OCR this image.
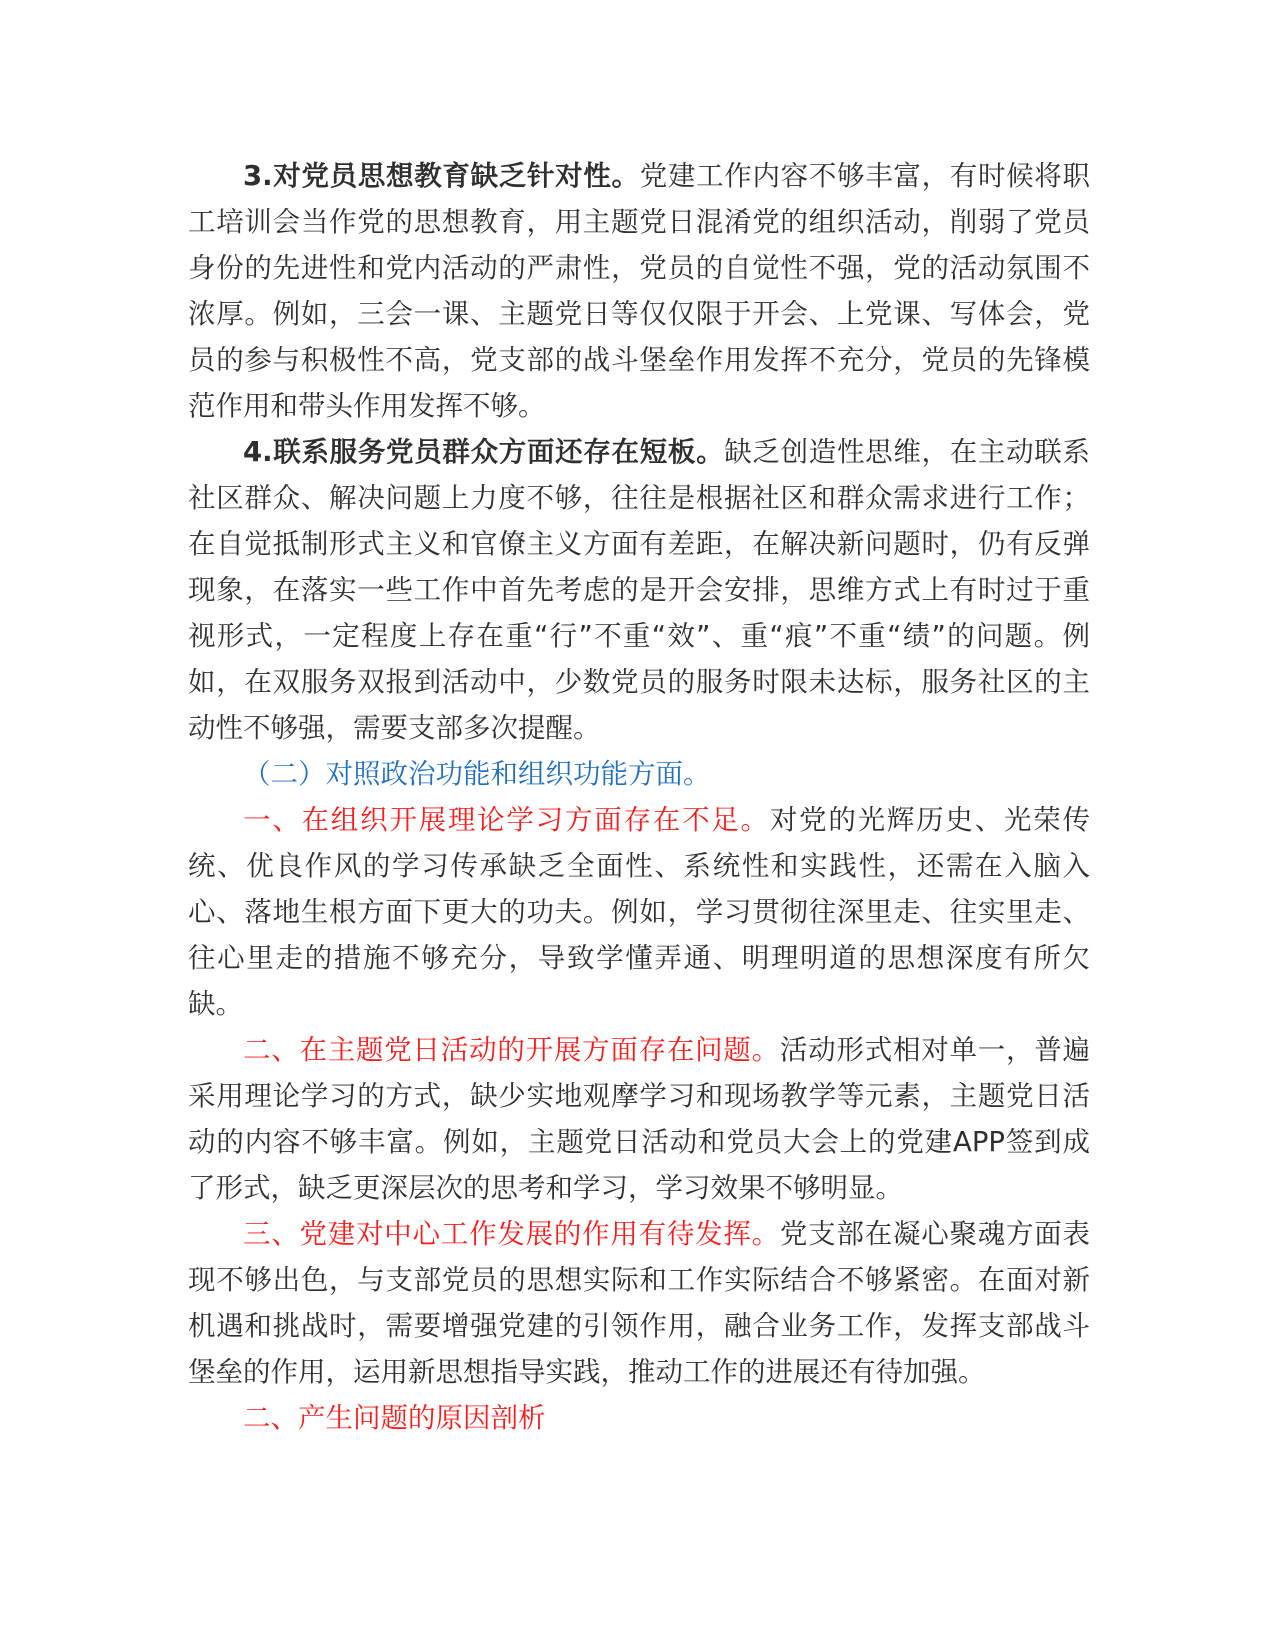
3.对党员思想教育缺乏针对性。党建工作内容不够丰富，有时候将职工培训会当作党的思想教育，用主题党日混淆党的组织活动，削弱了党员身份的先进性和党内活动的严肃性，党员的自觉性不强，党的活动氛围不浓厚。例如，三会一课、主题党日等仅仅限于开会、上党课、写体会，党员的参与积极性不高，党支部的战斗堡垒作用发挥不充分，党员的先锋模范作用和带头作用发挥不够。

4.联系服务党员群众方面还存在短板。缺乏创造性思维，在主动联系社区群众、解决问题上力度不够，往往是根据社区和群众需求进行工作；在自觉抵制形式主义和官僚主义方面有差距，在解决新问题时，仍有反弹现象，在落实一些工作中首先考虑的是开会安排，思维方式上有时过于重视形式，一定程度上存在重“行”不重“效”、重“痕”不重“绩”的问题。例如，在双服务双报到活动中，少数党员的服务时限未达标，服务社区的主动性不够强，需要支部多次提醒。

（二）对照政治功能和组织功能方面。

一、在组织开展理论学习方面存在不足。对党的光辉历史、光荣传统、优良作风的学习传承缺乏全面性、系统性和实践性，还需在入脑入心、落地生根方面下更大的功夫。例如，学习贯彻往深里走、往实里走、往心里走的措施不够充分，导致学懂弄通、明理明道的思想深度有所欠缺。

二、在主题党日活动的开展方面存在问题。活动形式相对单一，普遍采用理论学习的方式，缺少实地观摩学习和现场教学等元素，主题党日活动的内容不够丰富。例如，主题党日活动和党员大会上的党建APP签到成了形式，缺乏更深层次的思考和学习，学习效果不够明显。

三、党建对中心工作发展的作用有待发挥。党支部在凝心聚魂方面表现不够出色，与支部党员的思想实际和工作实际结合不够紧密。在面对新机遇和挑战时，需要增强党建的引领作用，融合业务工作，发挥支部战斗堡垒的作用，运用新思想指导实践，推动工作的进展还有待加强。

二、产生问题的原因剖析
